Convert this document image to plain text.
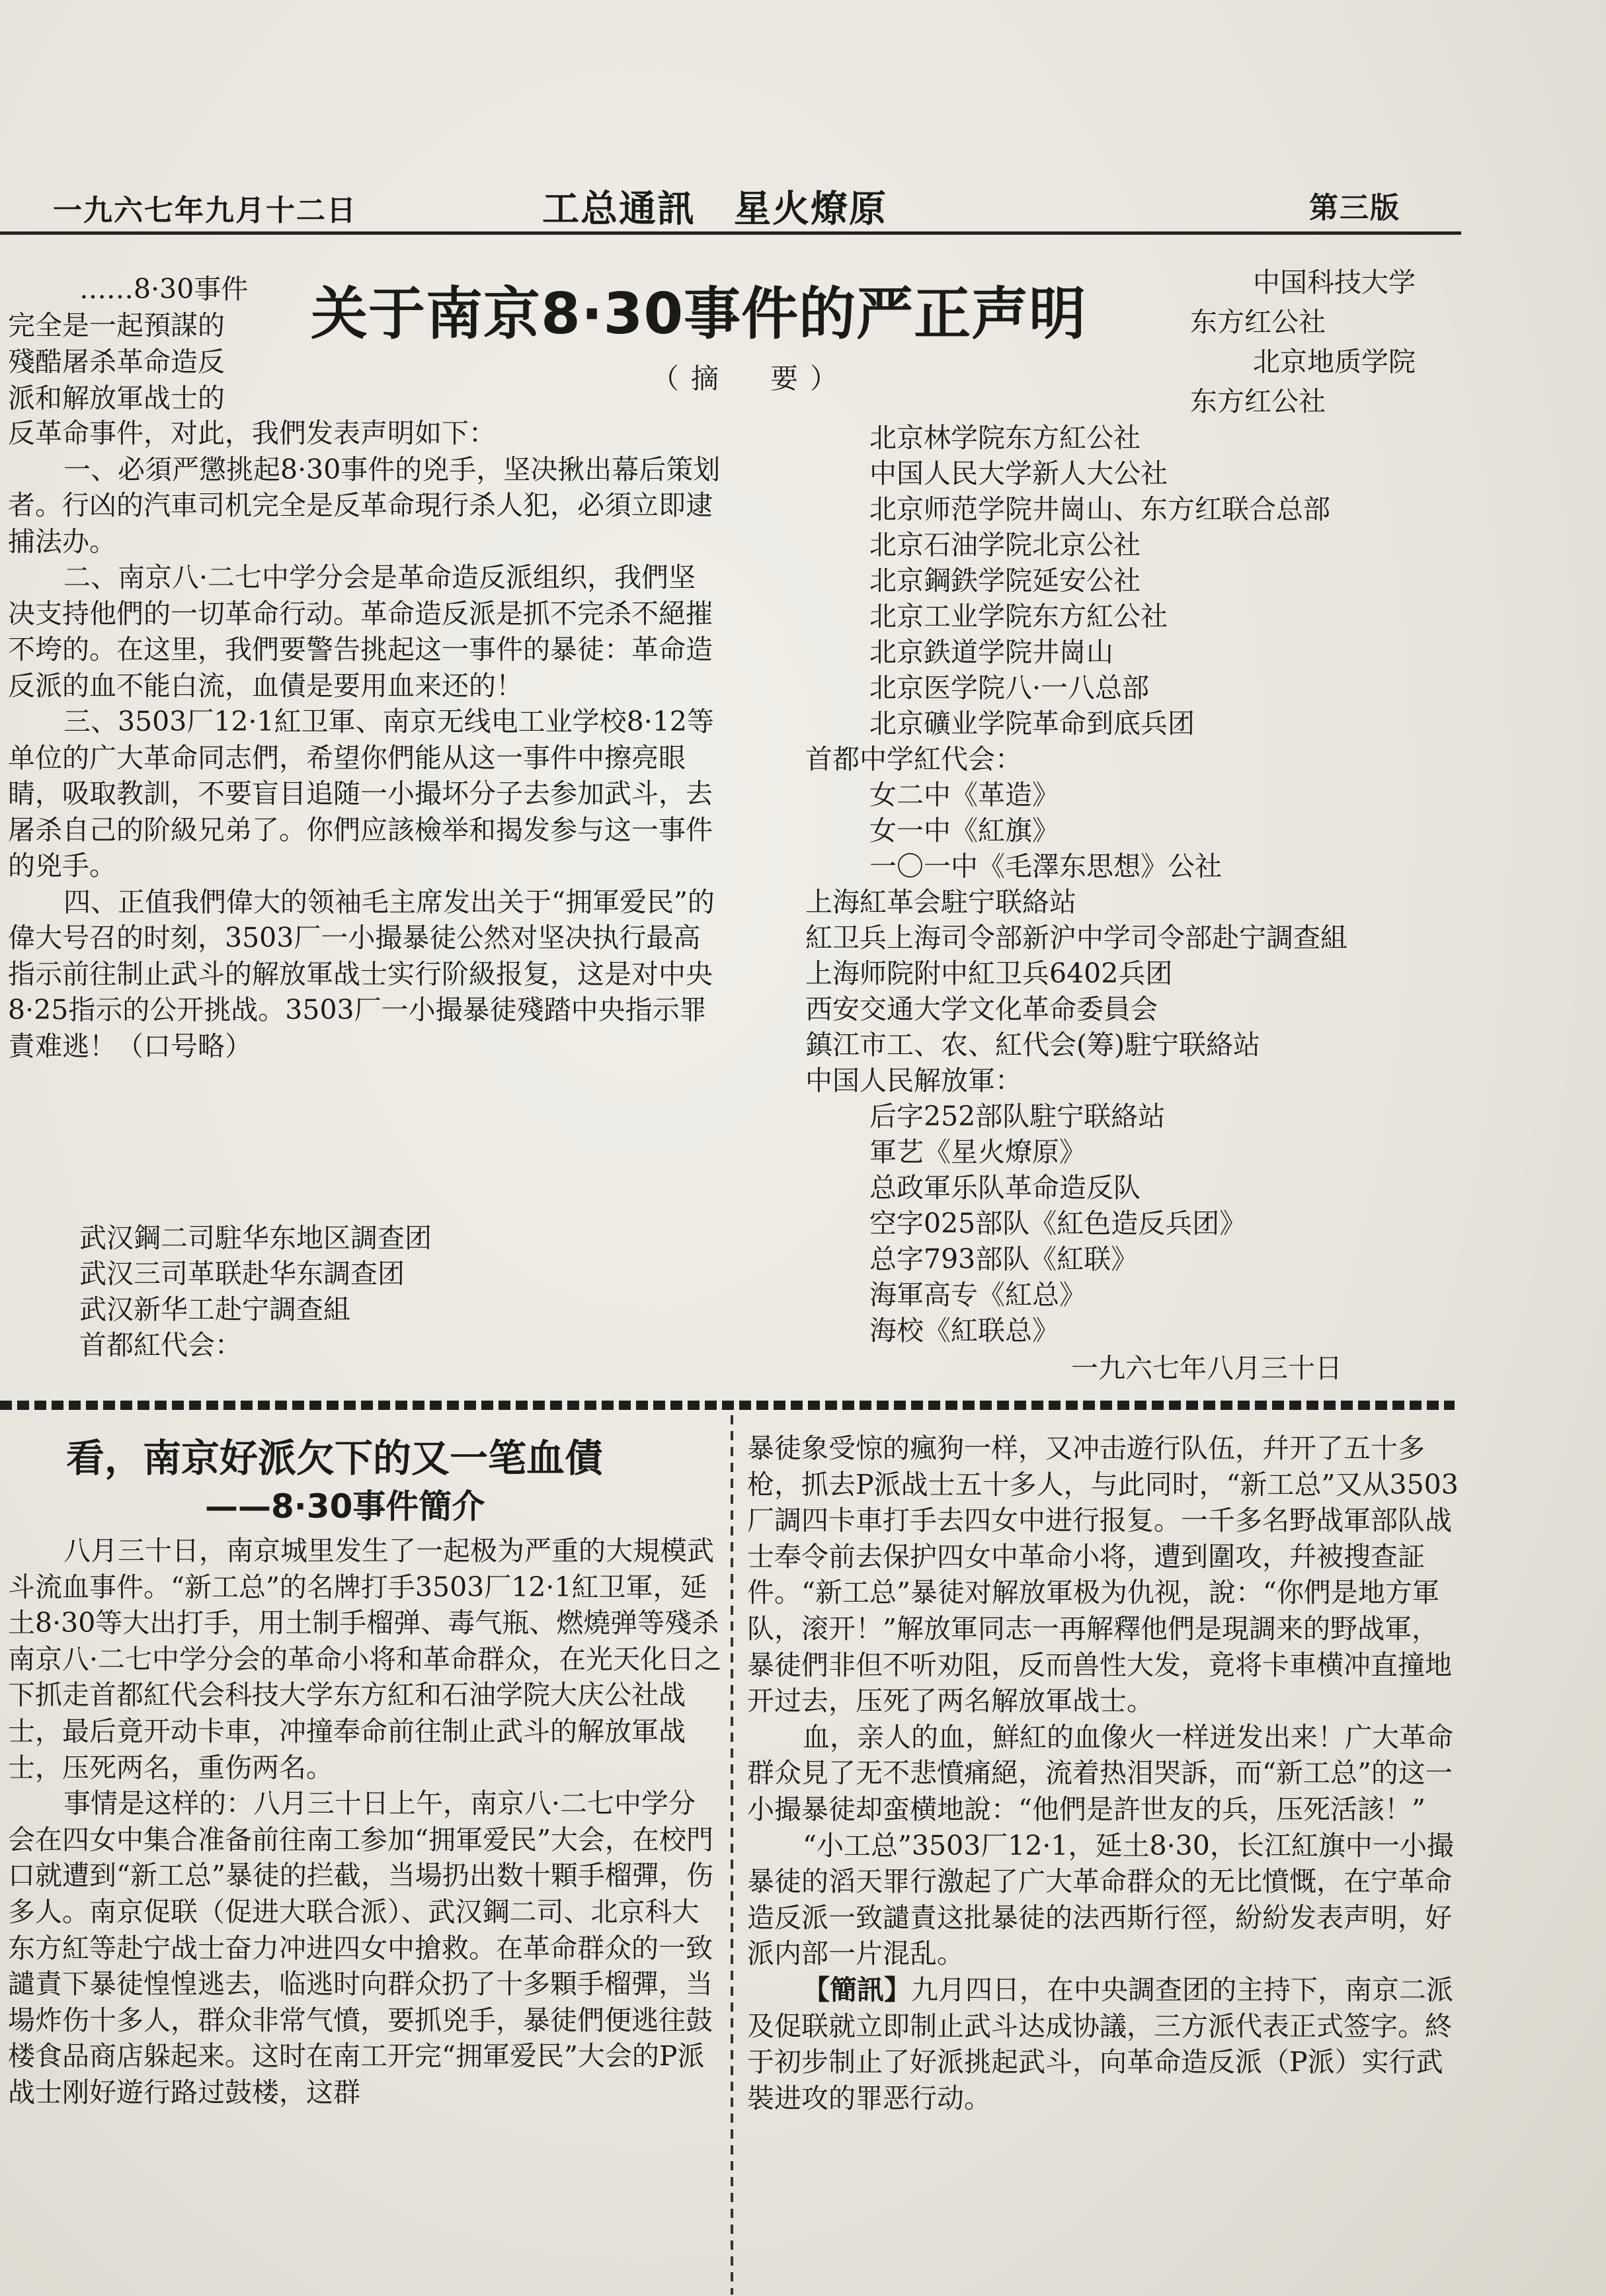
一九六七年九月十二日	工总通訊　星火燎原	第三版
关于南京8·30事件的严正声明
（摘　要）
中国科技大学
东方红公社
北京地质学院
东方红公社
……8·30事件
完全是一起預謀的
殘酷屠杀革命造反
派和解放軍战士的

反革命事件，对此，我們发表声明如下：

一、必須严懲挑起8·30事件的兇手，坚决揪出幕后策划者。行凶的汽車司机完全是反革命現行杀人犯，必須立即逮捕法办。

二、南京八·二七中学分会是革命造反派组织，我們坚决支持他們的一切革命行动。革命造反派是抓不完杀不絕摧不垮的。在这里，我們要警告挑起这一事件的暴徒：革命造反派的血不能白流，血債是要用血来还的！

三、3503厂12·1紅卫軍、南京无线电工业学校8·12等单位的广大革命同志們，希望你們能从这一事件中擦亮眼睛，吸取教訓，不要盲目追随一小撮坏分子去参加武斗，去屠杀自己的阶級兄弟了。你們应該檢举和揭发参与这一事件的兇手。

四、正值我們偉大的领袖毛主席发出关于“拥軍爱民”的偉大号召的时刻，3503厂一小撮暴徒公然对坚决执行最高指示前往制止武斗的解放軍战士实行阶級报复，这是对中央8·25指示的公开挑战。3503厂一小撮暴徒殘踏中央指示罪責难逃！（口号略）

武汉鋼二司駐华东地区調查团
武汉三司革联赴华东調查团
武汉新华工赴宁調查組
首都紅代会：
北京林学院东方紅公社
中国人民大学新人大公社
北京师范学院井崗山、东方红联合总部
北京石油学院北京公社
北京鋼鉄学院延安公社
北京工业学院东方紅公社
北京鉄道学院井崗山
北京医学院八·一八总部
北京礦业学院革命到底兵团
首都中学紅代会：
女二中《革造》
女一中《紅旗》
一〇一中《毛澤东思想》公社
上海紅革会駐宁联絡站
紅卫兵上海司令部新沪中学司令部赴宁調查組
上海师院附中紅卫兵6402兵团
西安交通大学文化革命委員会
鎮江市工、农、紅代会(筹)駐宁联絡站
中国人民解放軍：
后字252部队駐宁联絡站
軍艺《星火燎原》
总政軍乐队革命造反队
空字025部队《紅色造反兵团》
总字793部队《紅联》
海軍高专《紅总》
海校《紅联总》
一九六七年八月三十日
看，南京好派欠下的又一笔血債
——8·30事件簡介

八月三十日，南京城里发生了一起极为严重的大規模武斗流血事件。“新工总”的名牌打手3503厂12·1紅卫軍，延土8·30等大出打手，用土制手榴弹、毒气瓶、燃燒弹等殘杀南京八·二七中学分会的革命小将和革命群众，在光天化日之下抓走首都紅代会科技大学东方紅和石油学院大庆公社战士，最后竟开动卡車，冲撞奉命前往制止武斗的解放軍战士，压死两名，重伤两名。

事情是这样的：八月三十日上午，南京八·二七中学分会在四女中集合准备前往南工参加“拥軍爱民”大会，在校門口就遭到“新工总”暴徒的拦截，当場扔出数十顆手榴彈，伤多人。南京促联（促进大联合派）、武汉鋼二司、北京科大东方紅等赴宁战士奋力冲进四女中搶救。在革命群众的一致譴責下暴徒惶惶逃去，临逃时向群众扔了十多顆手榴彈，当場炸伤十多人，群众非常气憤，要抓兇手，暴徒們便逃往鼓楼食品商店躲起来。这时在南工开完“拥軍爱民”大会的P派战士刚好遊行路过鼓楼，这群

暴徒象受惊的瘋狗一样，又冲击遊行队伍，幷开了五十多枪，抓去P派战士五十多人，与此同时，“新工总”又从3503厂調四卡車打手去四女中进行报复。一千多名野战軍部队战士奉令前去保护四女中革命小将，遭到圍攻，幷被搜查証件。“新工总”暴徒对解放軍极为仇视，說：“你們是地方軍队，滚开！”解放軍同志一再解釋他們是現調来的野战軍，暴徒們非但不听劝阻，反而兽性大发，竟将卡車横冲直撞地开过去，压死了两名解放軍战士。

血，亲人的血，鮮紅的血像火一样迸发出来！广大革命群众見了无不悲憤痛絕，流着热泪哭訴，而“新工总”的这一小撮暴徒却蛮横地說：“他們是許世友的兵，压死活該！”

“小工总”3503厂12·1，延土8·30，长江紅旗中一小撮暴徒的滔天罪行激起了广大革命群众的无比憤慨，在宁革命造反派一致譴責这批暴徒的法西斯行徑，紛紛发表声明，好派内部一片混乱。

【簡訊】九月四日，在中央調查团的主持下，南京二派及促联就立即制止武斗达成协議，三方派代表正式签字。終于初步制止了好派挑起武斗，向革命造反派（P派）实行武裝进攻的罪恶行动。
